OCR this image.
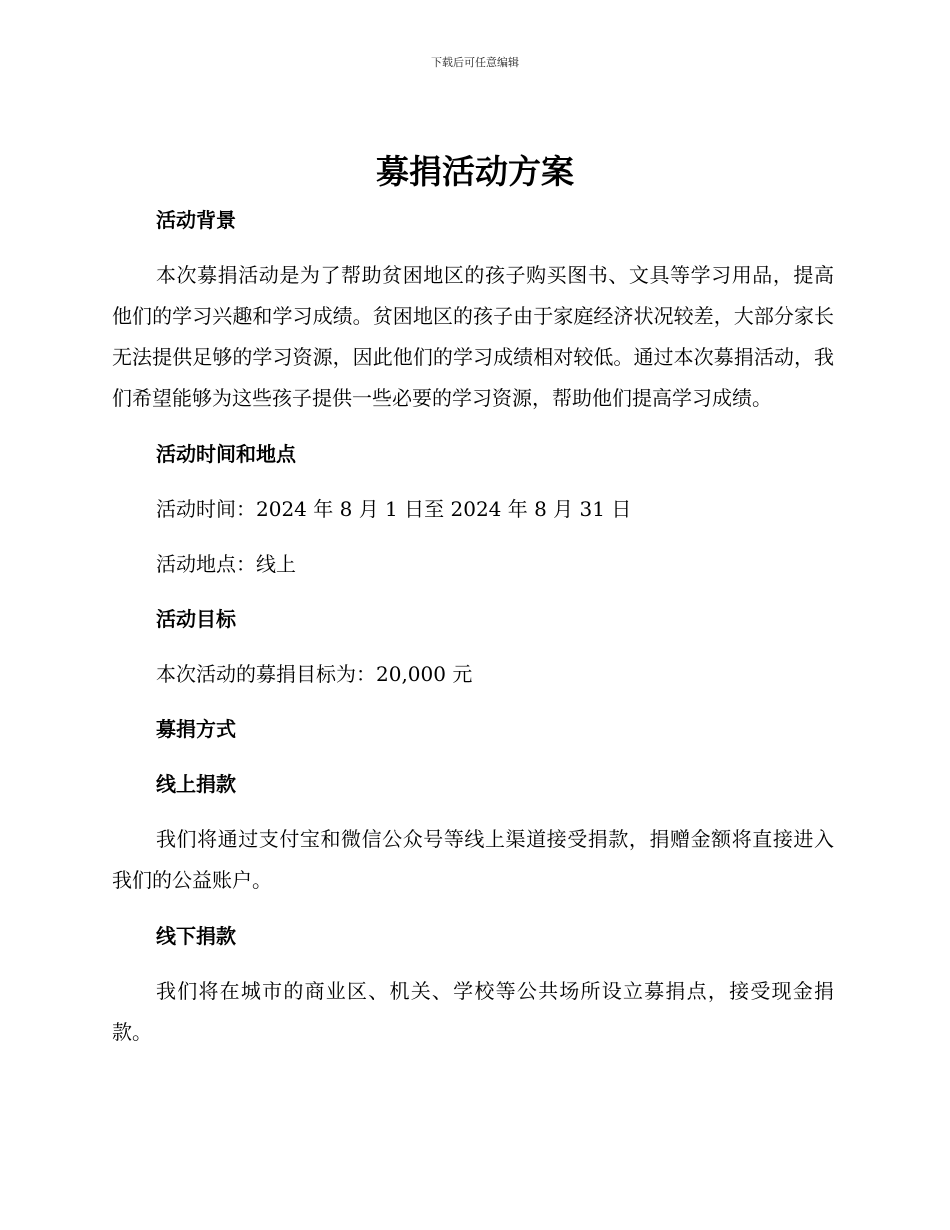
下载后可任意编辑
募捐活动方案
活动背景

本次募捐活动是为了帮助贫困地区的孩子购买图书、文具等学习用品，提高他们的学习兴趣和学习成绩。贫困地区的孩子由于家庭经济状况较差，大部分家长无法提供足够的学习资源，因此他们的学习成绩相对较低。通过本次募捐活动，我们希望能够为这些孩子提供一些必要的学习资源，帮助他们提高学习成绩。

活动时间和地点

活动时间：2024 年 8 月 1 日至 2024 年 8 月 31 日

活动地点：线上

活动目标

本次活动的募捐目标为：20,000 元

募捐方式
线上捐款

我们将通过支付宝和微信公众号等线上渠道接受捐款，捐赠金额将直接进入我们的公益账户。

线下捐款

我们将在城市的商业区、机关、学校等公共场所设立募捐点，接受现金捐款。
